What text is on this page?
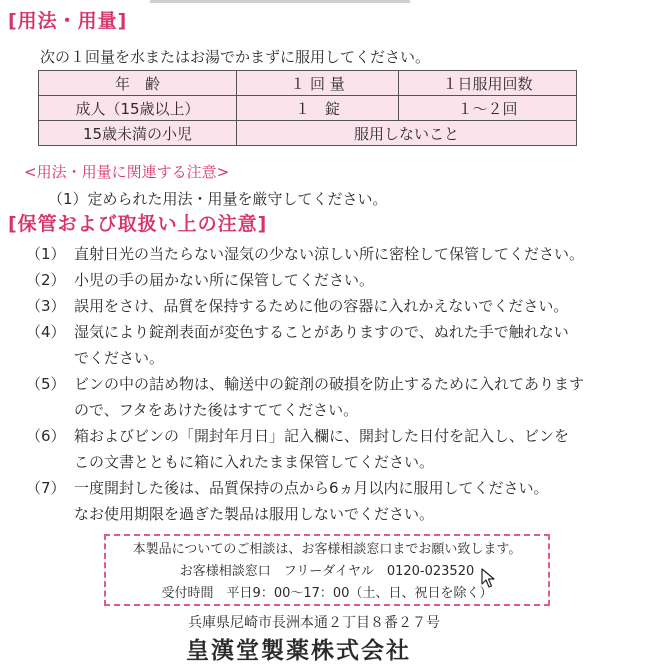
[用法・用量]
次の１回量を水またはお湯でかまずに服用してください。
年　齢	１ 回 量	１日服用回数
成人（15歳以上）	１　錠	１～２回
15歳未満の小児	服用しないこと	
<用法・用量に関連する注意>
（1）定められた用法・用量を厳守してください。
[保管および取扱い上の注意]
（1） 直射日光の当たらない湿気の少ない涼しい所に密栓して保管してください。
（2） 小児の手の届かない所に保管してください。
（3） 誤用をさけ、品質を保持するために他の容器に入れかえないでください。
（4） 湿気により錠剤表面が変色することがありますので、ぬれた手で触れない
でください。
（5） ビンの中の詰め物は、輸送中の錠剤の破損を防止するために入れてあります
ので、フタをあけた後はすててください。
（6） 箱およびビンの「開封年月日」記入欄に、開封した日付を記入し、ビンを
この文書とともに箱に入れたまま保管してください。
（7） 一度開封した後は、品質保持の点から6ヵ月以内に服用してください。
なお使用期限を過ぎた製品は服用しないでください。
本製品についてのご相談は、お客様相談窓口までお願い致します。
お客様相談窓口　フリーダイヤル　0120-023520
受付時間　平日9：00～17：00（土、日、祝日を除く）
兵庫県尼崎市長洲本通２丁目８番２７号
皇漢堂製薬株式会社
